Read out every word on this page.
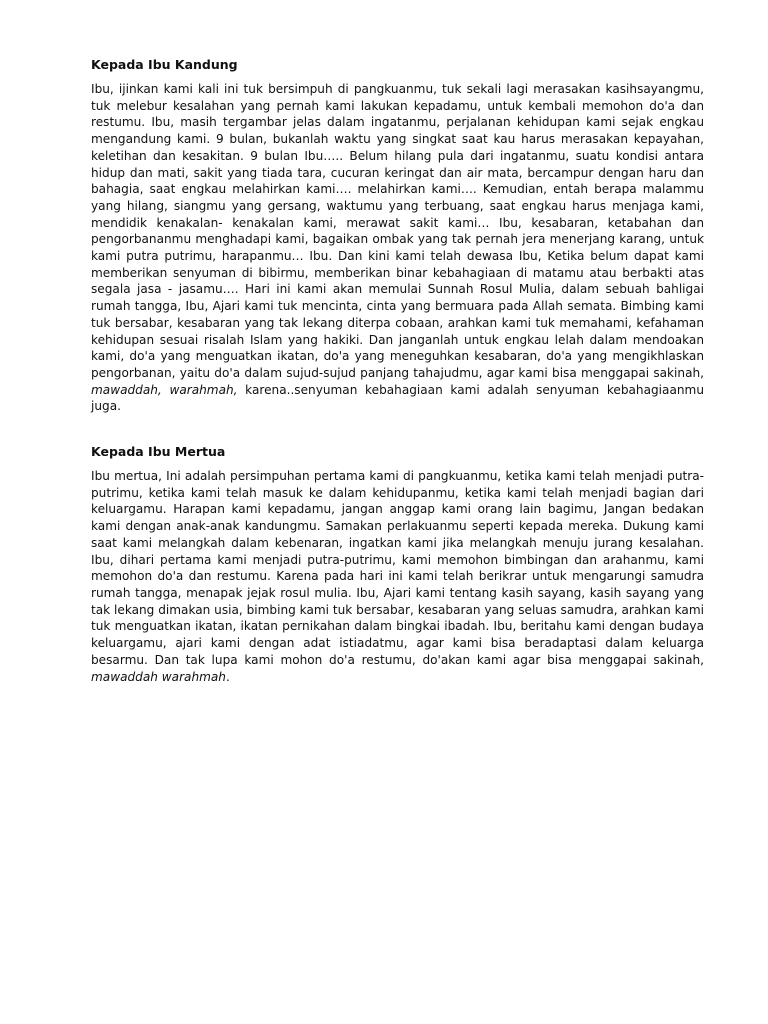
Kepada Ibu Kandung

Ibu, ijinkan kami kali ini tuk bersimpuh di pangkuanmu, tuk sekali lagi merasakan kasihsayangmu, tuk melebur kesalahan yang pernah kami lakukan kepadamu, untuk kembali memohon do'a dan restumu. Ibu, masih tergambar jelas dalam ingatanmu, perjalanan kehidupan kami sejak engkau mengandung kami. 9 bulan, bukanlah waktu yang singkat saat kau harus merasakan kepayahan, keletihan dan kesakitan. 9 bulan Ibu….. Belum hilang pula dari ingatanmu, suatu kondisi antara hidup dan mati, sakit yang tiada tara, cucuran keringat dan air mata, bercampur dengan haru dan bahagia, saat engkau melahirkan kami…. melahirkan kami…. Kemudian, entah berapa malammu yang hilang, siangmu yang gersang, waktumu yang terbuang, saat engkau harus menjaga kami, mendidik kenakalan- kenakalan kami, merawat sakit kami… Ibu, kesabaran, ketabahan dan pengorbananmu menghadapi kami, bagaikan ombak yang tak pernah jera menerjang karang, untuk kami putra putrimu, harapanmu… Ibu. Dan kini kami telah dewasa Ibu, Ketika belum dapat kami memberikan senyuman di bibirmu, memberikan binar kebahagiaan di matamu atau berbakti atas segala jasa - jasamu…. Hari ini kami akan memulai Sunnah Rosul Mulia, dalam sebuah bahligai rumah tangga, Ibu, Ajari kami tuk mencinta, cinta yang bermuara pada Allah semata. Bimbing kami tuk bersabar, kesabaran yang tak lekang diterpa cobaan, arahkan kami tuk memahami, kefahaman kehidupan sesuai risalah Islam yang hakiki. Dan janganlah untuk engkau lelah dalam mendoakan kami, do'a yang menguatkan ikatan, do'a yang meneguhkan kesabaran, do'a yang mengikhlaskan pengorbanan, yaitu do'a dalam sujud-sujud panjang tahajudmu, agar kami bisa menggapai sakinah, mawaddah, warahmah, karena..senyuman kebahagiaan kami adalah senyuman kebahagiaanmu juga.

Kepada Ibu Mertua

Ibu mertua, Ini adalah persimpuhan pertama kami di pangkuanmu, ketika kami telah menjadi putra- putrimu, ketika kami telah masuk ke dalam kehidupanmu, ketika kami telah menjadi bagian dari keluargamu. Harapan kami kepadamu, jangan anggap kami orang lain bagimu, Jangan bedakan kami dengan anak-anak kandungmu. Samakan perlakuanmu seperti kepada mereka. Dukung kami saat kami melangkah dalam kebenaran, ingatkan kami jika melangkah menuju jurang kesalahan. Ibu, dihari pertama kami menjadi putra-putrimu, kami memohon bimbingan dan arahanmu, kami memohon do'a dan restumu. Karena pada hari ini kami telah berikrar untuk mengarungi samudra rumah tangga, menapak jejak rosul mulia. Ibu, Ajari kami tentang kasih sayang, kasih sayang yang tak lekang dimakan usia, bimbing kami tuk bersabar, kesabaran yang seluas samudra, arahkan kami tuk menguatkan ikatan, ikatan pernikahan dalam bingkai ibadah. Ibu, beritahu kami dengan budaya keluargamu, ajari kami dengan adat istiadatmu, agar kami bisa beradaptasi dalam keluarga besarmu. Dan tak lupa kami mohon do'a restumu, do'akan kami agar bisa menggapai sakinah, mawaddah warahmah.
